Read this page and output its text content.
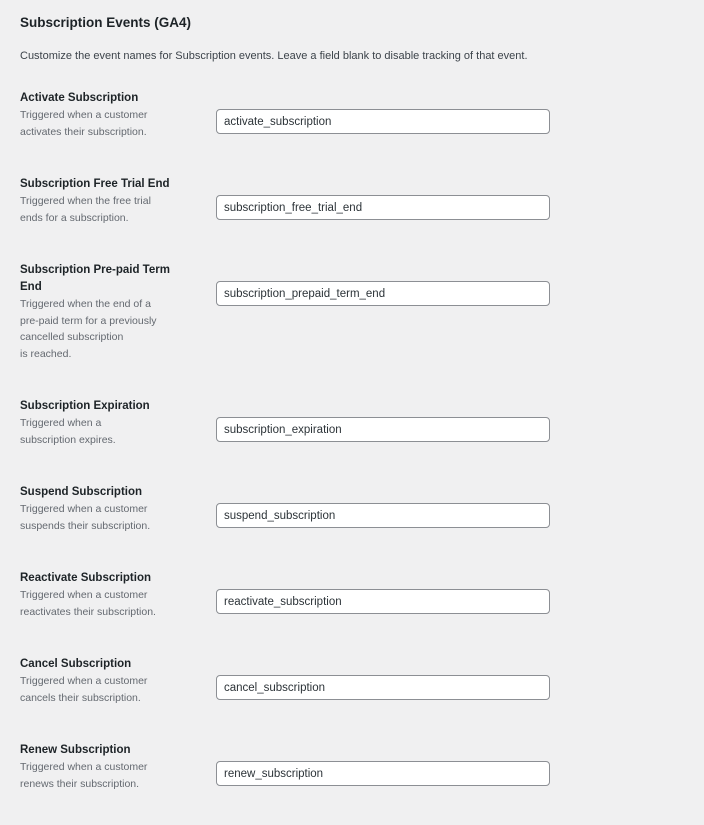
Subscription Events (GA4)

Customize the event names for Subscription events. Leave a field blank to disable tracking of that event.

Activate Subscription
Triggered when a customer
activates their subscription.
activate_subscription
Subscription Free Trial End
Triggered when the free trial
ends for a subscription.
subscription_free_trial_end
Subscription Pre-paid Term End
Triggered when the end of a
pre-paid term for a previously
cancelled subscription
is reached.
subscription_prepaid_term_end
Subscription Expiration
Triggered when a
subscription expires.
subscription_expiration
Suspend Subscription
Triggered when a customer
suspends their subscription.
suspend_subscription
Reactivate Subscription
Triggered when a customer
reactivates their subscription.
reactivate_subscription
Cancel Subscription
Triggered when a customer
cancels their subscription.
cancel_subscription
Renew Subscription
Triggered when a customer
renews their subscription.
renew_subscription
